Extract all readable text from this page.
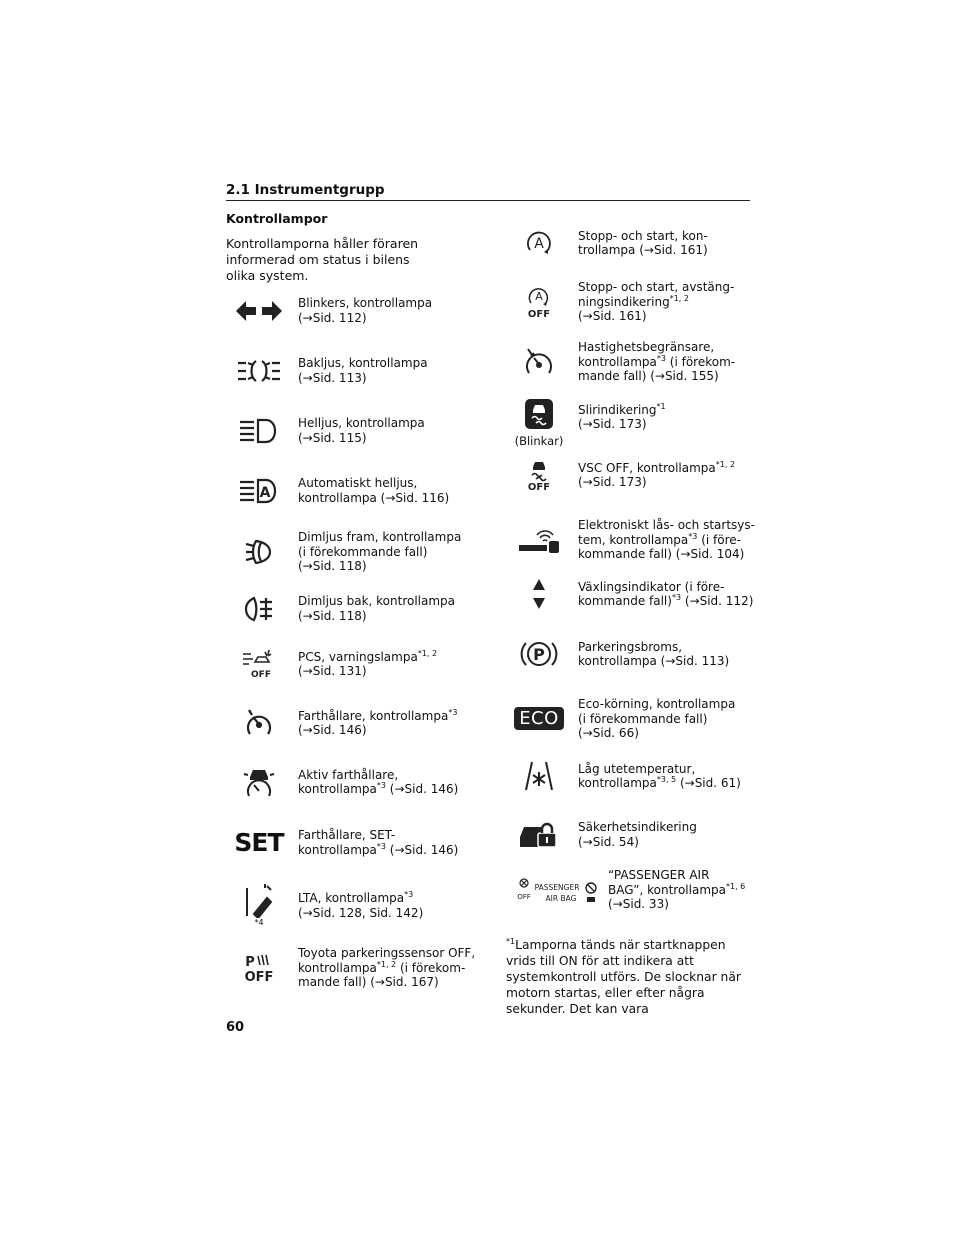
2.1 Instrumentgrupp
Kontrollampor
Kontrollamporna håller föraren informerad om status i bilens olika system.
Blinkers, kontrollampa
(→Sid. 112)
Bakljus, kontrollampa
(→Sid. 113)
Helljus, kontrollampa
(→Sid. 115)
A
Automatiskt helljus,
kontrollampa (→Sid. 116)
Dimljus fram, kontrollampa
(i förekommande fall)
(→Sid. 118)
Dimljus bak, kontrollampa
(→Sid. 118)
OFF
PCS, varningslampa$^{*1, 2}$
(→Sid. 131)
Farthållare, kontrollampa$^{*3}$
(→Sid. 146)
Aktiv farthållare,
kontrollampa$^{*3}$ (→Sid. 146)
SET Farthållare, SET-
kontrollampa$^{*3}$ (→Sid. 146)
*4
LTA, kontrollampa$^{*3}$
(→Sid. 128, Sid. 142)
P
OFF
Toyota parkeringssensor OFF,
kontrollampa$^{*1, 2}$ (i förekom-
mande fall) (→Sid. 167)
A
Stopp- och start, kon-
trollampa (→Sid. 161)
A
OFF
Stopp- och start, avstäng-
ningsindikering$^{*1, 2}$
(→Sid. 161)
Hastighetsbegränsare,
kontrollampa$^{*3}$ (i förekom-
mande fall) (→Sid. 155)
(Blinkar)
Slirindikering$^{*1}$
(→Sid. 173)
OFF
VSC OFF, kontrollampa$^{*1, 2}$
(→Sid. 173)
Elektroniskt lås- och startsys-
tem, kontrollampa$^{*3}$ (i före-
kommande fall) (→Sid. 104)
Växlingsindikator (i före-
kommande fall)$^{*3}$ (→Sid. 112)
P	Parkeringsbroms,
kontrollampa (→Sid. 113)
ECO
Eco-körning, kontrollampa
(i förekommande fall)
(→Sid. 66)
Låg utetemperatur,
kontrollampa$^{*3, 5}$ (→Sid. 61)
Säkerhetsindikering
(→Sid. 54)
OFF
PASSENGER
AIR BAG
“PASSENGER AIR
BAG”, kontrollampa$^{*1, 6}$
(→Sid. 33)
$^{*1}$Lamporna tänds när startknappen vrids till ON för att indikera att systemkontroll utförs. De slocknar när motorn startas, eller efter några sekunder. Det kan vara
60
